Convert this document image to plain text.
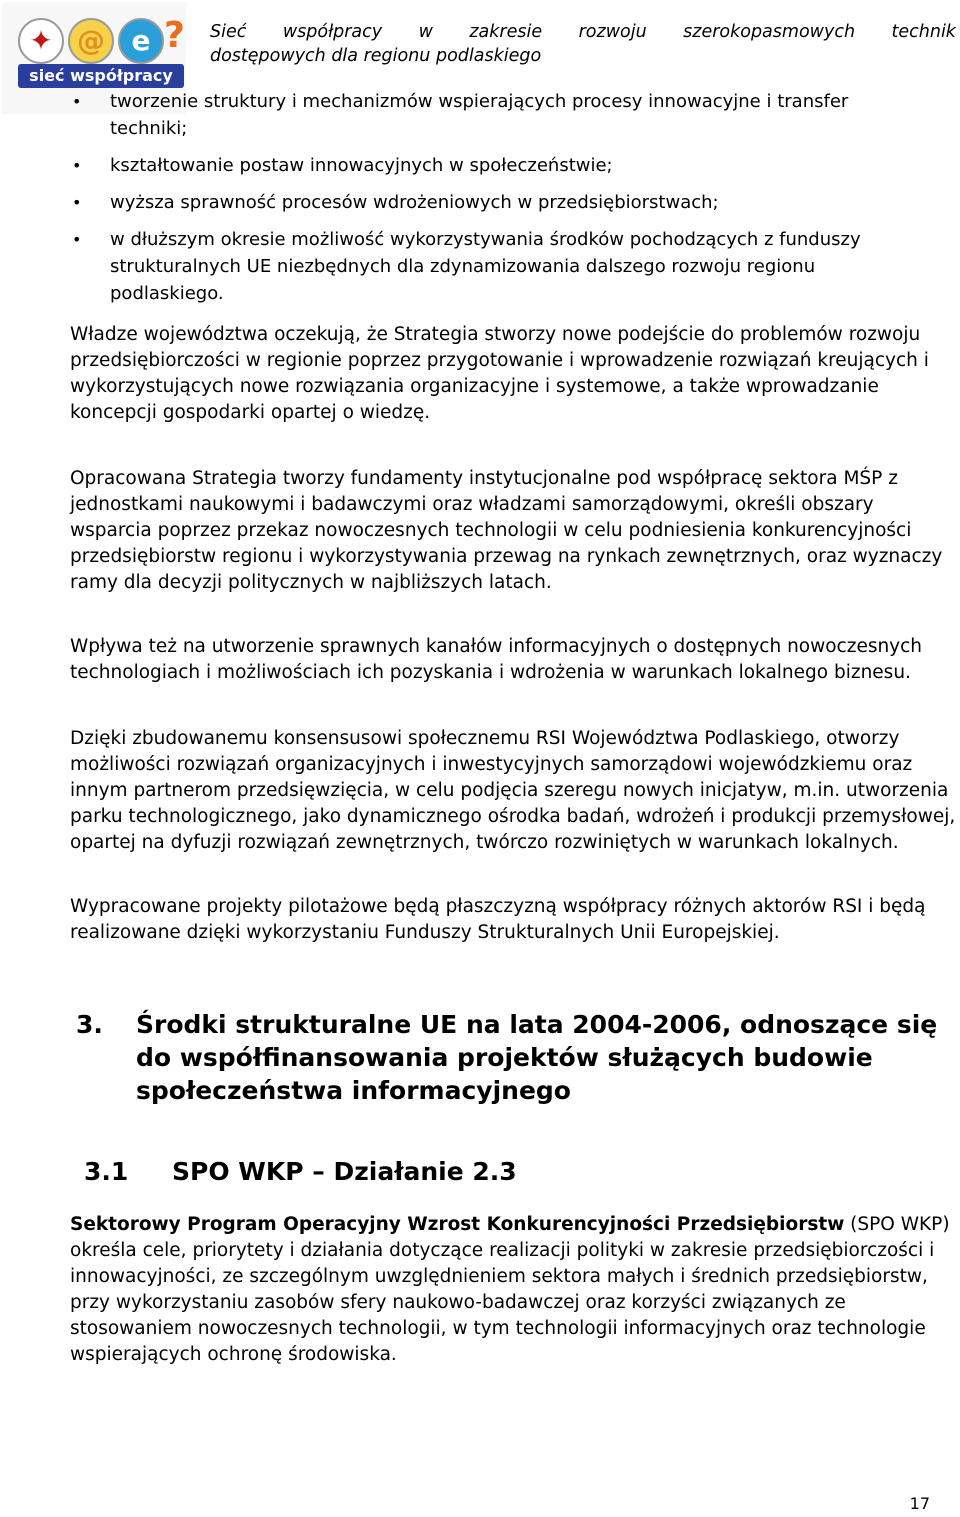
✦ @ e ?
sieć współpracy
Sieć współpracy w zakresie rozwoju szerokopasmowych technik
dostępowych dla regionu podlaskiego
• tworzenie struktury i mechanizmów wspierających procesy innowacyjne i transfer techniki;
• kształtowanie postaw innowacyjnych w społeczeństwie;
• wyższa sprawność procesów wdrożeniowych w przedsiębiorstwach;
• w dłuższym okresie możliwość wykorzystywania środków pochodzących z funduszy strukturalnych UE niezbędnych dla zdynamizowania dalszego rozwoju regionu podlaskiego.

Władze województwa oczekują, że Strategia stworzy nowe podejście do problemów rozwoju przedsiębiorczości w regionie poprzez przygotowanie i wprowadzenie rozwiązań kreujących i wykorzystujących nowe rozwiązania organizacyjne i systemowe, a także wprowadzanie koncepcji gospodarki opartej o wiedzę.

Opracowana Strategia tworzy fundamenty instytucjonalne pod współpracę sektora MŚP z jednostkami naukowymi i badawczymi oraz władzami samorządowymi, określi obszary wsparcia poprzez przekaz nowoczesnych technologii w celu podniesienia konkurencyjności przedsiębiorstw regionu i wykorzystywania przewag na rynkach zewnętrznych, oraz wyznaczy ramy dla decyzji politycznych w najbliższych latach.

Wpływa też na utworzenie sprawnych kanałów informacyjnych o dostępnych nowoczesnych technologiach i możliwościach ich pozyskania i wdrożenia w warunkach lokalnego biznesu.

Dzięki zbudowanemu konsensusowi społecznemu RSI Województwa Podlaskiego, otworzy możliwości rozwiązań organizacyjnych i inwestycyjnych samorządowi wojewódzkiemu oraz innym partnerom przedsięwzięcia, w celu podjęcia szeregu nowych inicjatyw, m.in. utworzenia parku technologicznego, jako dynamicznego ośrodka badań, wdrożeń i produkcji przemysłowej, opartej na dyfuzji rozwiązań zewnętrznych, twórczo rozwiniętych w warunkach lokalnych.

Wypracowane projekty pilotażowe będą płaszczyzną współpracy różnych aktorów RSI i będą realizowane dzięki wykorzystaniu Funduszy Strukturalnych Unii Europejskiej.

3. Środki strukturalne UE na lata 2004-2006, odnoszące się do współfinansowania projektów służących budowie społeczeństwa informacyjnego
3.1 SPO WKP – Działanie 2.3

Sektorowy Program Operacyjny Wzrost Konkurencyjności Przedsiębiorstw (SPO WKP) określa cele, priorytety i działania dotyczące realizacji polityki w zakresie przedsiębiorczości i innowacyjności, ze szczególnym uwzględnieniem sektora małych i średnich przedsiębiorstw, przy wykorzystaniu zasobów sfery naukowo-badawczej oraz korzyści związanych ze stosowaniem nowoczesnych technologii, w tym technologii informacyjnych oraz technologie wspierających ochronę środowiska.

17
